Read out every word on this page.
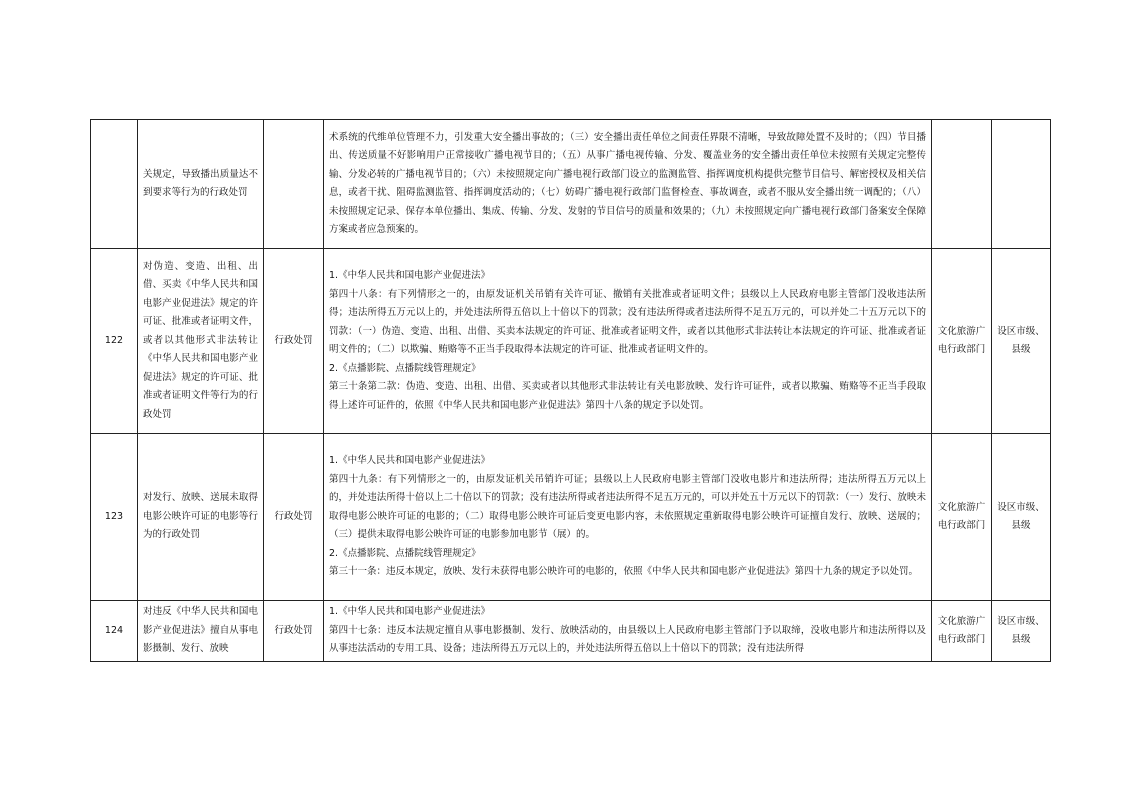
	关规定，导致播出质量达不到要求等行为的行政处罚		术系统的代维单位管理不力，引发重大安全播出事故的；（三）安全播出责任单位之间责任界限不清晰，导致故障处置不及时的；（四）节目播出、传送质量不好影响用户正常接收广播电视节目的；（五）从事广播电视传输、分发、覆盖业务的安全播出责任单位未按照有关规定完整传输、分发必转的广播电视节目的；（六）未按照规定向广播电视行政部门设立的监测监管、指挥调度机构提供完整节目信号、解密授权及相关信息，或者干扰、阻碍监测监管、指挥调度活动的；（七）妨碍广播电视行政部门监督检查、事故调查，或者不服从安全播出统一调配的；（八）未按照规定记录、保存本单位播出、集成、传输、分发、发射的节目信号的质量和效果的；（九）未按照规定向广播电视行政部门备案安全保障方案或者应急预案的。		

122	对伪造、变造、出租、出借、买卖《中华人民共和国电影产业促进法》规定的许可证、批准或者证明文件，或者以其他形式非法转让《中华人民共和国电影产业促进法》规定的许可证、批准或者证明文件等行为的行政处罚	行政处罚	1.《中华人民共和国电影产业促进法》
第四十八条：有下列情形之一的，由原发证机关吊销有关许可证、撤销有关批准或者证明文件；县级以上人民政府电影主管部门没收违法所得；违法所得五万元以上的，并处违法所得五倍以上十倍以下的罚款；没有违法所得或者违法所得不足五万元的，可以并处二十五万元以下的罚款：（一）伪造、变造、出租、出借、买卖本法规定的许可证、批准或者证明文件，或者以其他形式非法转让本法规定的许可证、批准或者证明文件的；（二）以欺骗、贿赂等不正当手段取得本法规定的许可证、批准或者证明文件的。
2.《点播影院、点播院线管理规定》
第三十条第二款：伪造、变造、出租、出借、买卖或者以其他形式非法转让有关电影放映、发行许可证件，或者以欺骗、贿赂等不正当手段取得上述许可证件的，依照《中华人民共和国电影产业促进法》第四十八条的规定予以处罚。	文化旅游广电行政部门	设区市级、县级
123	对发行、放映、送展未取得电影公映许可证的电影等行为的行政处罚	行政处罚	1.《中华人民共和国电影产业促进法》
第四十九条：有下列情形之一的，由原发证机关吊销许可证；县级以上人民政府电影主管部门没收电影片和违法所得；违法所得五万元以上的，并处违法所得十倍以上二十倍以下的罚款；没有违法所得或者违法所得不足五万元的，可以并处五十万元以下的罚款：（一）发行、放映未取得电影公映许可证的电影的；（二）取得电影公映许可证后变更电影内容，未依照规定重新取得电影公映许可证擅自发行、放映、送展的；（三）提供未取得电影公映许可证的电影参加电影节（展）的。
2.《点播影院、点播院线管理规定》
第三十一条：违反本规定，放映、发行未获得电影公映许可的电影的，依照《中华人民共和国电影产业促进法》第四十九条的规定予以处罚。	文化旅游广电行政部门	设区市级、县级
124	对违反《中华人民共和国电影产业促进法》擅自从事电影摄制、发行、放映	行政处罚	1.《中华人民共和国电影产业促进法》
第四十七条：违反本法规定擅自从事电影摄制、发行、放映活动的，由县级以上人民政府电影主管部门予以取缔，没收电影片和违法所得以及从事违法活动的专用工具、设备；违法所得五万元以上的，并处违法所得五倍以上十倍以下的罚款；没有违法所得	文化旅游广电行政部门	设区市级、县级
